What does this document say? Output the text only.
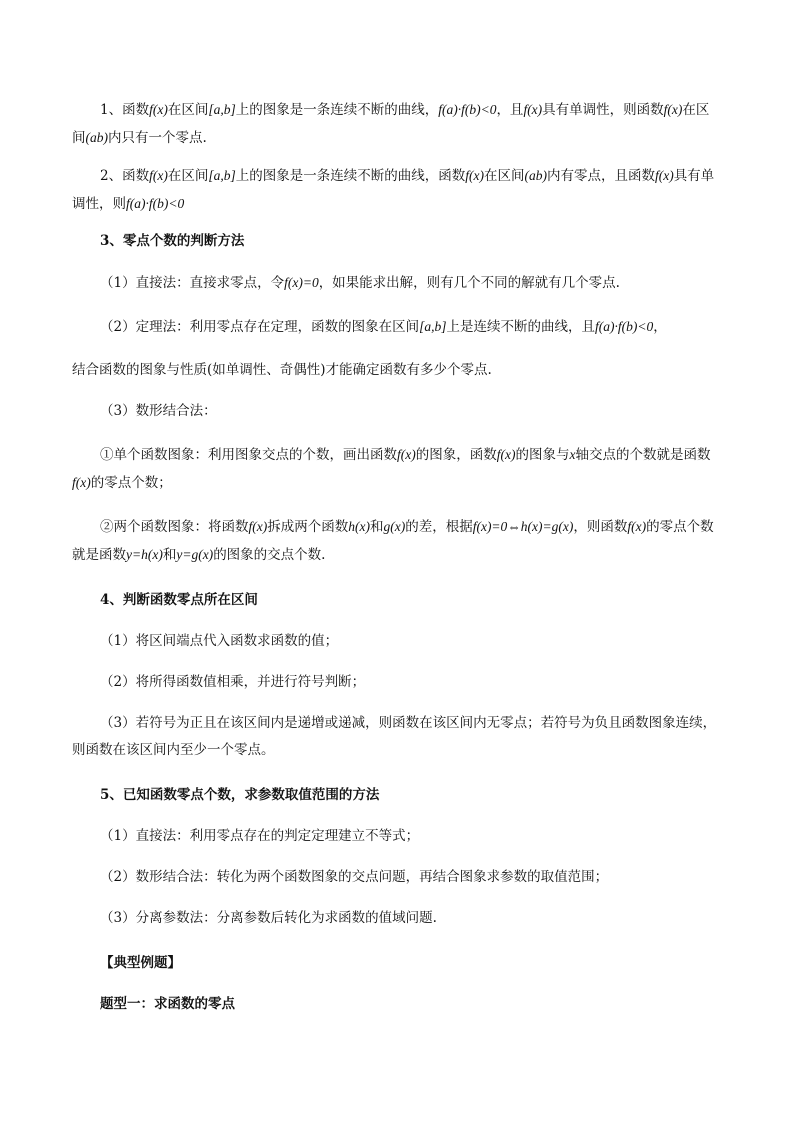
1、函数f(x)在区间[a,b]上的图象是一条连续不断的曲线，f(a)·f(b)<0，且f(x)具有单调性，则函数f(x)在区间(ab)内只有一个零点.

2、函数f(x)在区间[a,b]上的图象是一条连续不断的曲线，函数f(x)在区间(ab)内有零点，且函数f(x)具有单调性，则f(a)·f(b)<0

3、零点个数的判断方法

（1）直接法：直接求零点，令f(x)=0，如果能求出解，则有几个不同的解就有几个零点.

（2）定理法：利用零点存在定理，函数的图象在区间[a,b]上是连续不断的曲线，且f(a)·f(b)<0，

结合函数的图象与性质(如单调性、奇偶性)才能确定函数有多少个零点.

（3）数形结合法：

①单个函数图象：利用图象交点的个数，画出函数f(x)的图象，函数f(x)的图象与x轴交点的个数就是函数f(x)的零点个数；

②两个函数图象：将函数f(x)拆成两个函数h(x)和g(x)的差，根据f(x)=0⇔h(x)=g(x)，则函数f(x)的零点个数就是函数y=h(x)和y=g(x)的图象的交点个数.

4、判断函数零点所在区间

（1）将区间端点代入函数求函数的值；

（2）将所得函数值相乘，并进行符号判断；

（3）若符号为正且在该区间内是递增或递减，则函数在该区间内无零点；若符号为负且函数图象连续，则函数在该区间内至少一个零点。

5、已知函数零点个数，求参数取值范围的方法

（1）直接法：利用零点存在的判定定理建立不等式；

（2）数形结合法：转化为两个函数图象的交点问题，再结合图象求参数的取值范围；

（3）分离参数法：分离参数后转化为求函数的值域问题.

【典型例题】

题型一：求函数的零点
